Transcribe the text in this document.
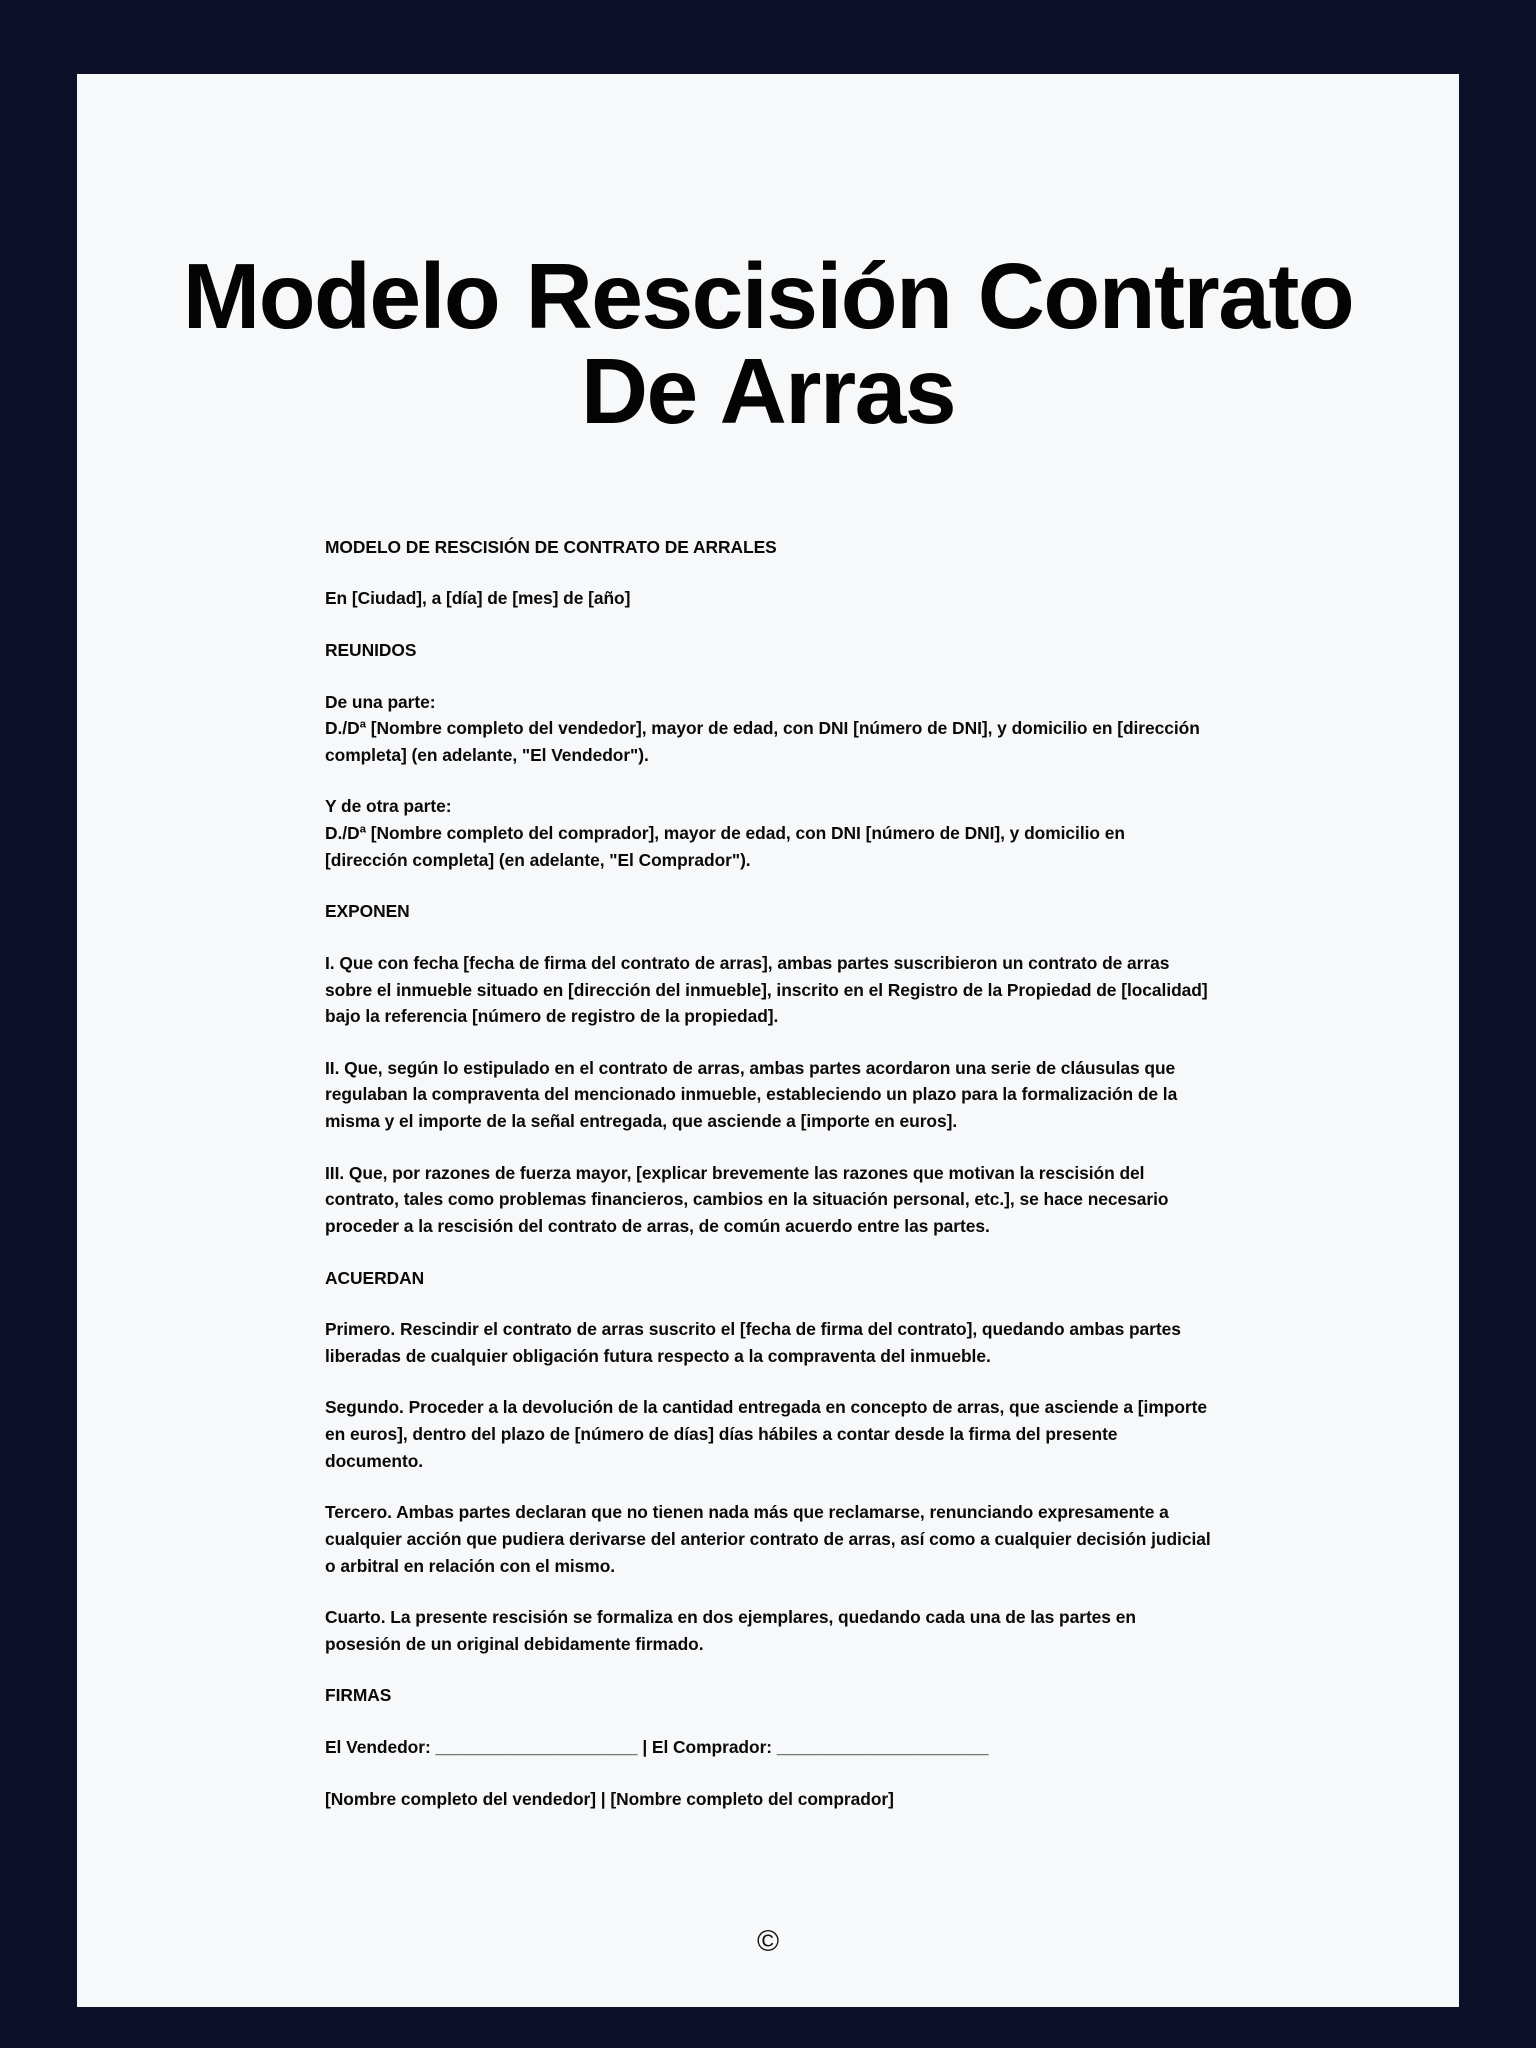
Modelo Rescisión Contrato De Arras
MODELO DE RESCISIÓN DE CONTRATO DE ARRALES
En [Ciudad], a [día] de [mes] de [año]
REUNIDOS
De una parte:
D./Dª [Nombre completo del vendedor], mayor de edad, con DNI [número de DNI], y domicilio en [dirección completa] (en adelante, "El Vendedor").
Y de otra parte:
D./Dª [Nombre completo del comprador], mayor de edad, con DNI [número de DNI], y domicilio en [dirección completa] (en adelante, "El Comprador").
EXPONEN
I. Que con fecha [fecha de firma del contrato de arras], ambas partes suscribieron un contrato de arras sobre el inmueble situado en [dirección del inmueble], inscrito en el Registro de la Propiedad de [localidad] bajo la referencia [número de registro de la propiedad].
II. Que, según lo estipulado en el contrato de arras, ambas partes acordaron una serie de cláusulas que regulaban la compraventa del mencionado inmueble, estableciendo un plazo para la formalización de la misma y el importe de la señal entregada, que asciende a [importe en euros].
III. Que, por razones de fuerza mayor, [explicar brevemente las razones que motivan la rescisión del contrato, tales como problemas financieros, cambios en la situación personal, etc.], se hace necesario proceder a la rescisión del contrato de arras, de común acuerdo entre las partes.
ACUERDAN
Primero. Rescindir el contrato de arras suscrito el [fecha de firma del contrato], quedando ambas partes liberadas de cualquier obligación futura respecto a la compraventa del inmueble.
Segundo. Proceder a la devolución de la cantidad entregada en concepto de arras, que asciende a [importe en euros], dentro del plazo de [número de días] días hábiles a contar desde la firma del presente documento.
Tercero. Ambas partes declaran que no tienen nada más que reclamarse, renunciando expresamente a cualquier acción que pudiera derivarse del anterior contrato de arras, así como a cualquier decisión judicial o arbitral en relación con el mismo.
Cuarto. La presente rescisión se formaliza en dos ejemplares, quedando cada una de las partes en posesión de un original debidamente firmado.
FIRMAS
El Vendedor: _____________________ | El Comprador: ______________________
[Nombre completo del vendedor] | [Nombre completo del comprador]
©
